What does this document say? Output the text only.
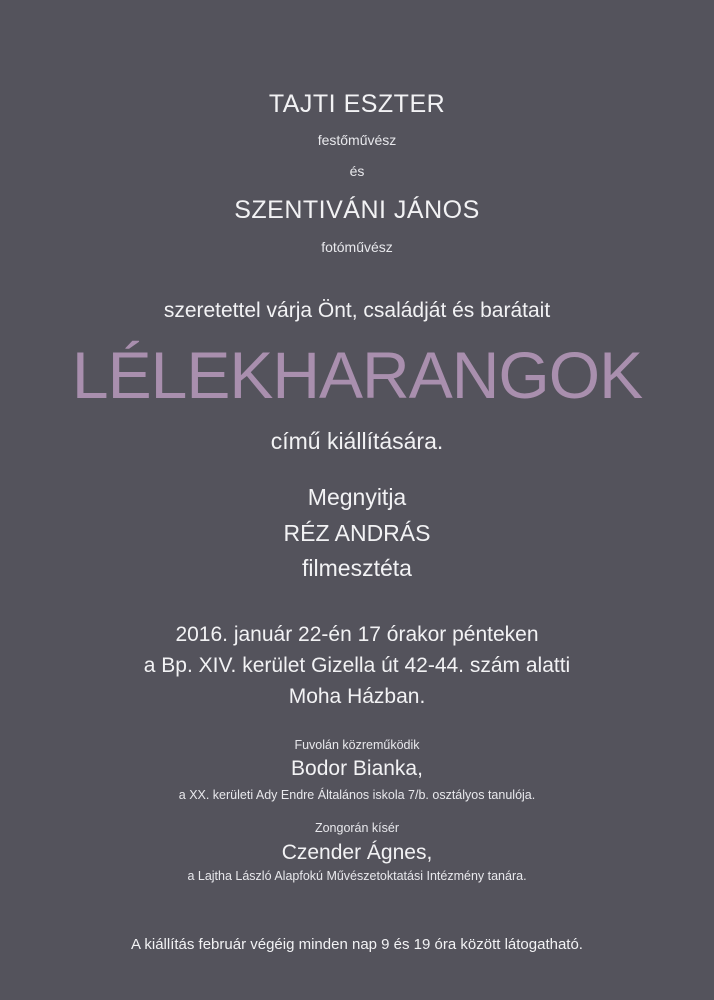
TAJTI ESZTER
festőművész
és
SZENTIVÁNI JÁNOS
fotóművész
szeretettel várja Önt, családját és barátait
LÉLEKHARANGOK
című kiállítására.
Megnyitja
RÉZ ANDRÁS
filmesztéta
2016. január 22-én 17 órakor pénteken
a Bp. XIV. kerület Gizella út 42-44. szám alatti
Moha Házban.
Fuvolán közreműködik
Bodor Bianka,
a XX. kerületi Ady Endre Általános iskola 7/b. osztályos tanulója.
Zongorán kísér
Czender Ágnes,
a Lajtha László Alapfokú Művészetoktatási Intézmény tanára.
A kiállítás február végéig minden nap 9 és 19 óra között látogatható.
